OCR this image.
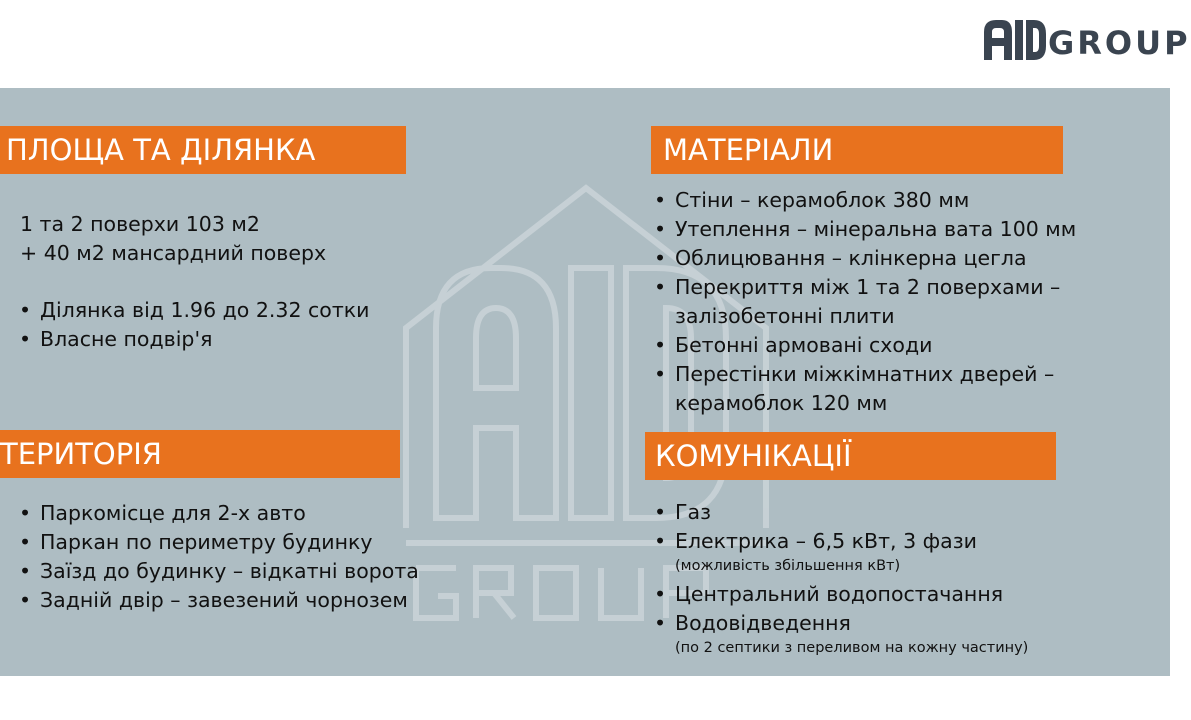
GROUP
ПЛОЩА ТА ДІЛЯНКА
1 та 2 поверхи 103 м2
+ 40 м2 мансардний поверх
• Ділянка від 1.96 до 2.32 сотки
• Власне подвір'я
МАТЕРІАЛИ
• Стіни – керамоблок 380 мм
• Утеплення – мінеральна вата 100 мм
• Облицювання – клінкерна цегла
• Перекриття між 1 та 2 поверхами –
залізобетонні плити
• Бетонні армовані сходи
• Перестінки міжкімнатних дверей –
керамоблок 120 мм
ТЕРИТОРІЯ
• Паркомісце для 2-х авто
• Паркан по периметру будинку
• Заїзд до будинку – відкатні ворота
• Задній двір – завезений чорнозем
КОМУНІКАЦІЇ
• Газ
• Електрика – 6,5 кВт, 3 фази
(можливість збільшення кВт)
• Центральний водопостачання
• Водовідведення
(по 2 септики з переливом на кожну частину)
